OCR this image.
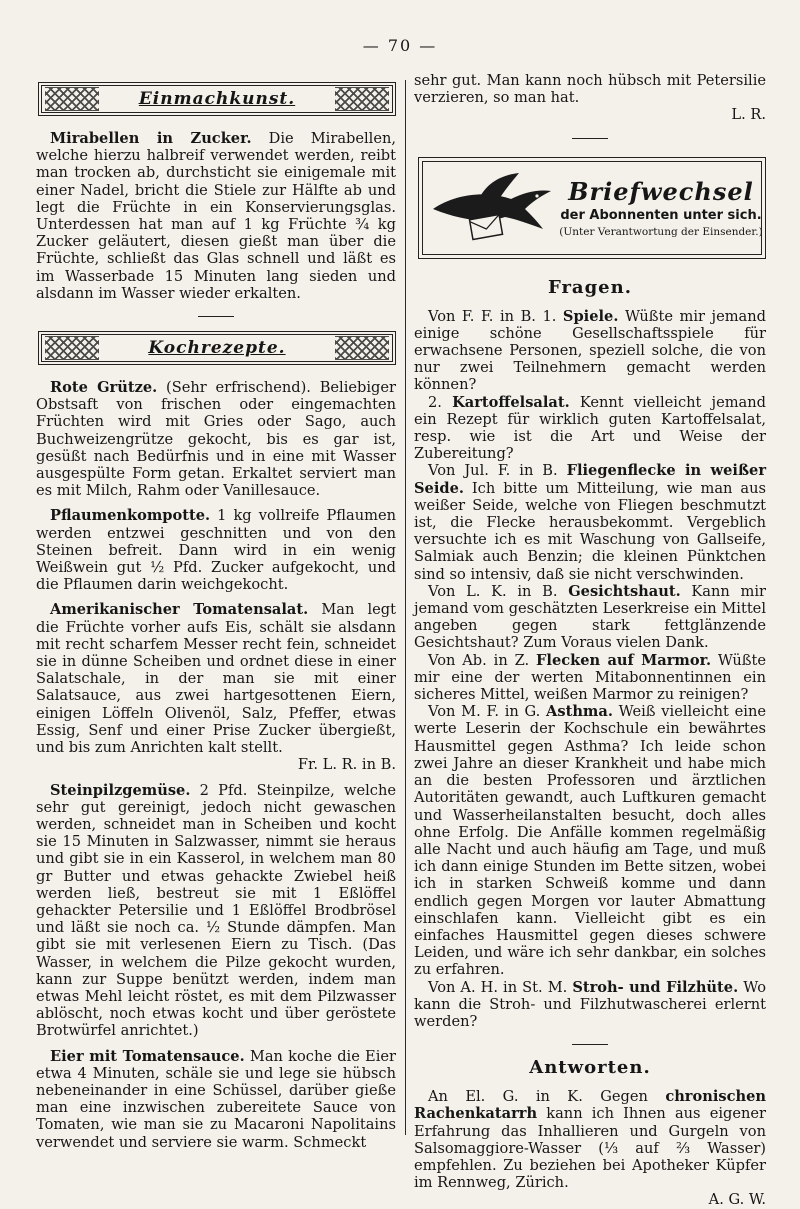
— 70 —
Einmachkunst.

Mirabellen in Zucker. Die Mirabellen, welche hierzu halbreif verwendet werden, reibt man trocken ab, durchsticht sie einigemale mit einer Nadel, bricht die Stiele zur Hälfte ab und legt die Früchte in ein Konservierungsglas. Unterdessen hat man auf 1 kg Früchte ¾ kg Zucker geläutert, diesen gießt man über die Früchte, schließt das Glas schnell und läßt es im Wasserbade 15 Minuten lang sieden und alsdann im Wasser wieder erkalten.

Kochrezepte.

Rote Grütze. (Sehr erfrischend). Beliebiger Obstsaft von frischen oder eingemachten Früchten wird mit Gries oder Sago, auch Buchweizengrütze gekocht, bis es gar ist, gesüßt nach Bedürfnis und in eine mit Wasser ausgespülte Form getan. Erkaltet serviert man es mit Milch, Rahm oder Vanillesauce.

Pflaumenkompotte. 1 kg vollreife Pflaumen werden entzwei geschnitten und von den Steinen befreit. Dann wird in ein wenig Weißwein gut ½ Pfd. Zucker aufgekocht, und die Pflaumen darin weichgekocht.

Amerikanischer Tomatensalat. Man legt die Früchte vorher aufs Eis, schält sie alsdann mit recht scharfem Messer recht fein, schneidet sie in dünne Scheiben und ordnet diese in einer Salatschale, in der man sie mit einer Salatsauce, aus zwei hartgesottenen Eiern, einigen Löffeln Olivenöl, Salz, Pfeffer, etwas Essig, Senf und einer Prise Zucker übergießt, und bis zum Anrichten kalt stellt.

Fr. L. R. in B.

Steinpilzgemüse. 2 Pfd. Steinpilze, welche sehr gut gereinigt, jedoch nicht gewaschen werden, schneidet man in Scheiben und kocht sie 15 Minuten in Salzwasser, nimmt sie heraus und gibt sie in ein Kasserol, in welchem man 80 gr Butter und etwas gehackte Zwiebel heiß werden ließ, bestreut sie mit 1 Eßlöffel gehackter Petersilie und 1 Eßlöffel Brodbrösel und läßt sie noch ca. ½ Stunde dämpfen. Man gibt sie mit verlesenen Eiern zu Tisch. (Das Wasser, in welchem die Pilze gekocht wurden, kann zur Suppe benützt werden, indem man etwas Mehl leicht röstet, es mit dem Pilzwasser ablöscht, noch etwas kocht und über geröstete Brotwürfel anrichtet.)

Eier mit Tomatensauce. Man koche die Eier etwa 4 Minuten, schäle sie und lege sie hübsch nebeneinander in eine Schüssel, darüber gieße man eine inzwischen zubereitete Sauce von Tomaten, wie man sie zu Macaroni Napolitains verwendet und serviere sie warm. Schmeckt

sehr gut. Man kann noch hübsch mit Petersilie verzieren, so man hat.

L. R.

Briefwechsel
der Abonnenten unter sich.
(Unter Verantwortung der Einsender.)
Fragen.

Von F. F. in B. 1. Spiele. Wüßte mir jemand einige schöne Gesellschaftsspiele für erwachsene Personen, speziell solche, die von nur zwei Teilnehmern gemacht werden können?

2. Kartoffelsalat. Kennt vielleicht jemand ein Rezept für wirklich guten Kartoffelsalat, resp. wie ist die Art und Weise der Zubereitung?

Von Jul. F. in B. Fliegenflecke in weißer Seide. Ich bitte um Mitteilung, wie man aus weißer Seide, welche von Fliegen beschmutzt ist, die Flecke herausbekommt. Vergeblich versuchte ich es mit Waschung von Gallseife, Salmiak auch Benzin; die kleinen Pünktchen sind so intensiv, daß sie nicht verschwinden.

Von L. K. in B. Gesichtshaut. Kann mir jemand vom geschätzten Leserkreise ein Mittel angeben gegen stark fettglänzende Gesichtshaut? Zum Voraus vielen Dank.

Von Ab. in Z. Flecken auf Marmor. Wüßte mir eine der werten Mitabonnentinnen ein sicheres Mittel, weißen Marmor zu reinigen?

Von M. F. in G. Asthma. Weiß vielleicht eine werte Leserin der Kochschule ein bewährtes Hausmittel gegen Asthma? Ich leide schon zwei Jahre an dieser Krankheit und habe mich an die besten Professoren und ärztlichen Autoritäten gewandt, auch Luftkuren gemacht und Wasserheilanstalten besucht, doch alles ohne Erfolg. Die Anfälle kommen regelmäßig alle Nacht und auch häufig am Tage, und muß ich dann einige Stunden im Bette sitzen, wobei ich in starken Schweiß komme und dann endlich gegen Morgen vor lauter Abmattung einschlafen kann. Vielleicht gibt es ein einfaches Hausmittel gegen dieses schwere Leiden, und wäre ich sehr dankbar, ein solches zu erfahren.

Von A. H. in St. M. Stroh- und Filzhüte. Wo kann die Stroh- und Filzhutwascherei erlernt werden?

Antworten.

An El. G. in K. Gegen chronischen Rachenkatarrh kann ich Ihnen aus eigener Erfahrung das Inhallieren und Gurgeln von Salsomaggiore-Wasser (⅓ auf ⅔ Wasser) empfehlen. Zu beziehen bei Apotheker Küpfer im Rennweg, Zürich.

A. G. W.
